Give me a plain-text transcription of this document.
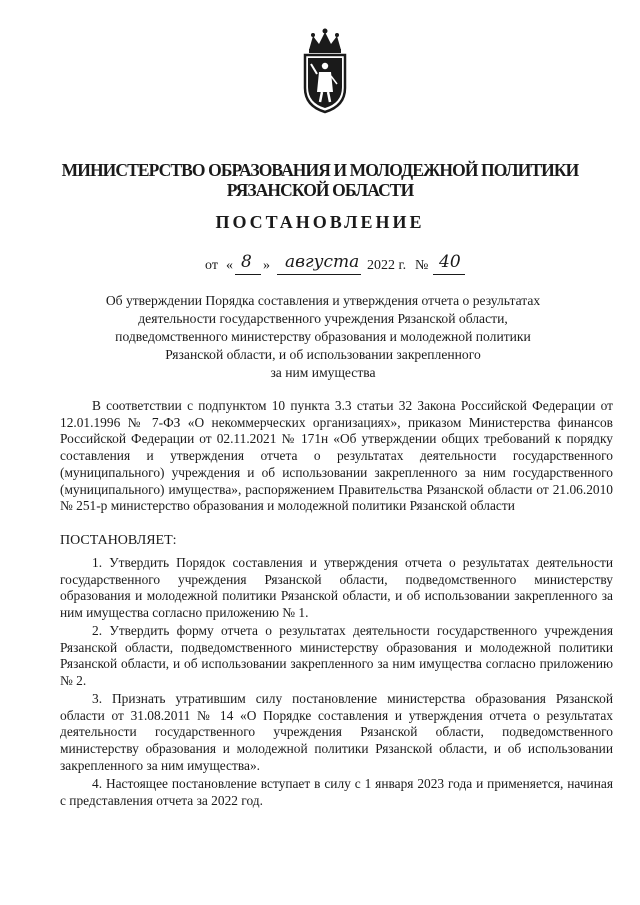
МИНИСТЕРСТВО ОБРАЗОВАНИЯ И МОЛОДЕЖНОЙ ПОЛИТИКИ
РЯЗАНСКОЙ ОБЛАСТИ
ПОСТАНОВЛЕНИЕ
от « 8 » августа 2022 г. № 40
Об утверждении Порядка составления и утверждения отчета о результатах
деятельности государственного учреждения Рязанской области,
подведомственного министерству образования и молодежной политики
Рязанской области, и об использовании закрепленного
за ним имущества
В соответствии с подпунктом 10 пункта 3.3 статьи 32 Закона Российской Федерации от 12.01.1996 № 7-ФЗ «О некоммерческих организациях», приказом Министерства финансов Российской Федерации от 02.11.2021 № 171н «Об утверждении общих требований к порядку составления и утверждения отчета о результатах деятельности государственного (муниципального) учреждения и об использовании закрепленного за ним государственного (муниципального) имущества», распоряжением Правительства Рязанской области от 21.06.2010 № 251-р министерство образования и молодежной политики Рязанской области
ПОСТАНОВЛЯЕТ:
1. Утвердить Порядок составления и утверждения отчета о результатах деятельности государственного учреждения Рязанской области, подведомственного министерству образования и молодежной политики Рязанской области, и об использовании закрепленного за ним имущества согласно приложению № 1.
2. Утвердить форму отчета о результатах деятельности государственного учреждения Рязанской области, подведомственного министерству образования и молодежной политики Рязанской области, и об использовании закрепленного за ним имущества согласно приложению № 2.
3. Признать утратившим силу постановление министерства образования Рязанской области от 31.08.2011 № 14 «О Порядке составления и утверждения отчета о результатах деятельности государственного учреждения Рязанской области, подведомственного министерству образования и молодежной политики Рязанской области, и об использовании закрепленного за ним имущества».
4. Настоящее постановление вступает в силу с 1 января 2023 года и применяется, начиная с представления отчета за 2022 год.
